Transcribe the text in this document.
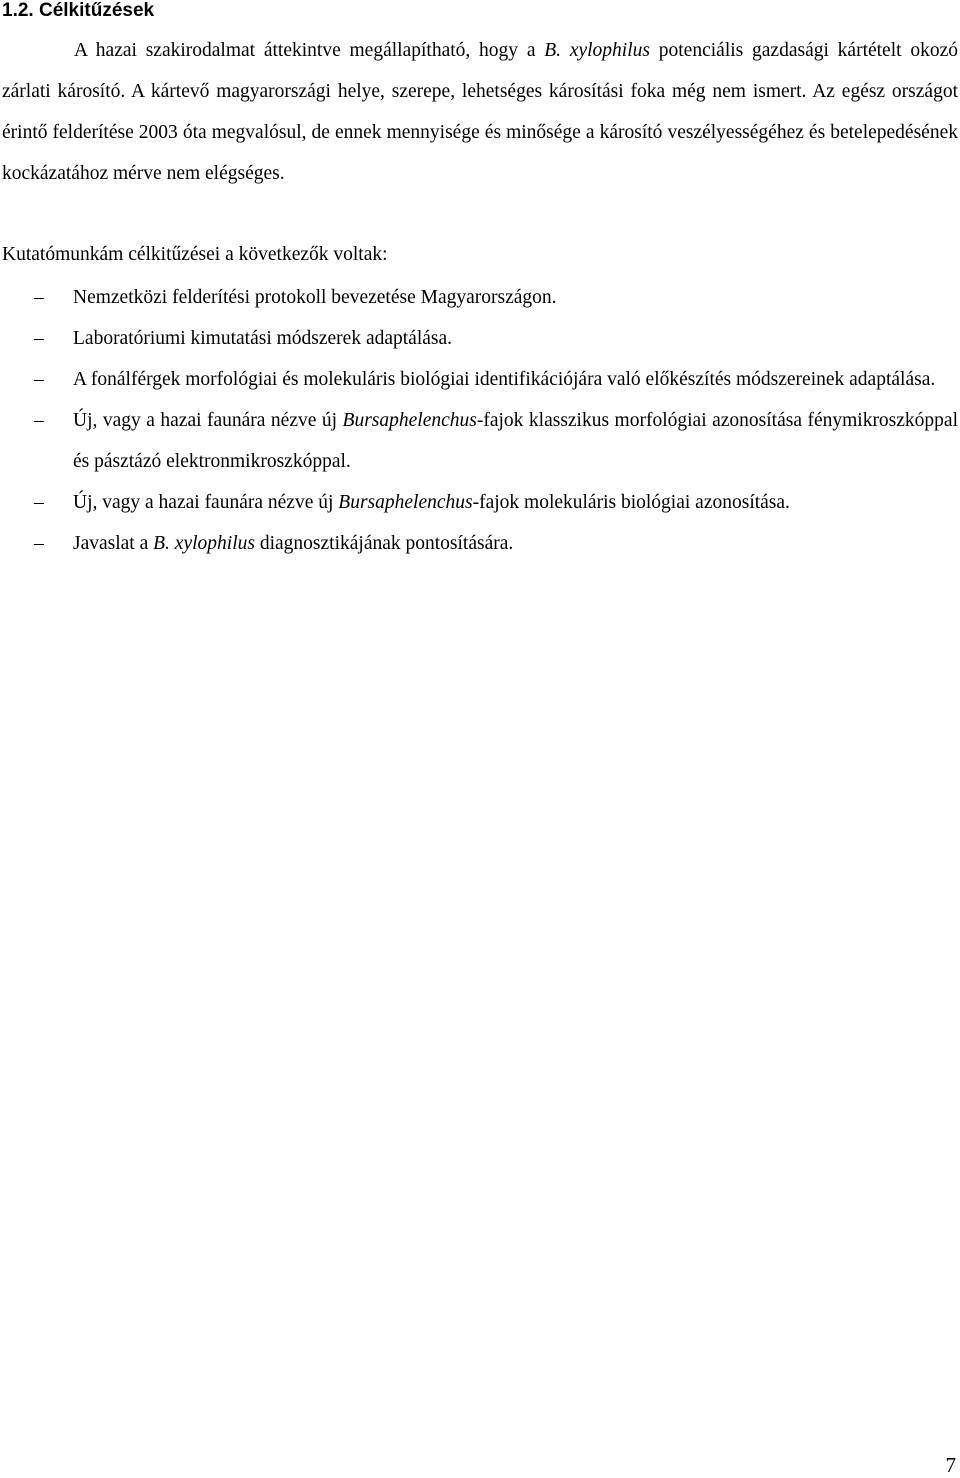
1.2. Célkitűzések

A hazai szakirodalmat áttekintve megállapítható, hogy a B. xylophilus potenciális gazdasági kártételt okozó zárlati károsító. A kártevő magyarországi helye, szerepe, lehetséges károsítási foka még nem ismert. Az egész országot érintő felderítése 2003 óta megvalósul, de ennek mennyisége és minősége a károsító veszélyességéhez és betelepedésének kockázatához mérve nem elégséges.

Kutatómunkám célkitűzései a következők voltak:
– Nemzetközi felderítési protokoll bevezetése Magyarországon.
– Laboratóriumi kimutatási módszerek adaptálása.
– A fonálférgek morfológiai és molekuláris biológiai identifikációjára való előkészítés módszereinek adaptálása.
– Új, vagy a hazai faunára nézve új Bursaphelenchus-fajok klasszikus morfológiai azonosítása fénymikroszkóppal és pásztázó elektronmikroszkóppal.
– Új, vagy a hazai faunára nézve új Bursaphelenchus-fajok molekuláris biológiai azonosítása.
– Javaslat a B. xylophilus diagnosztikájának pontosítására.
7
